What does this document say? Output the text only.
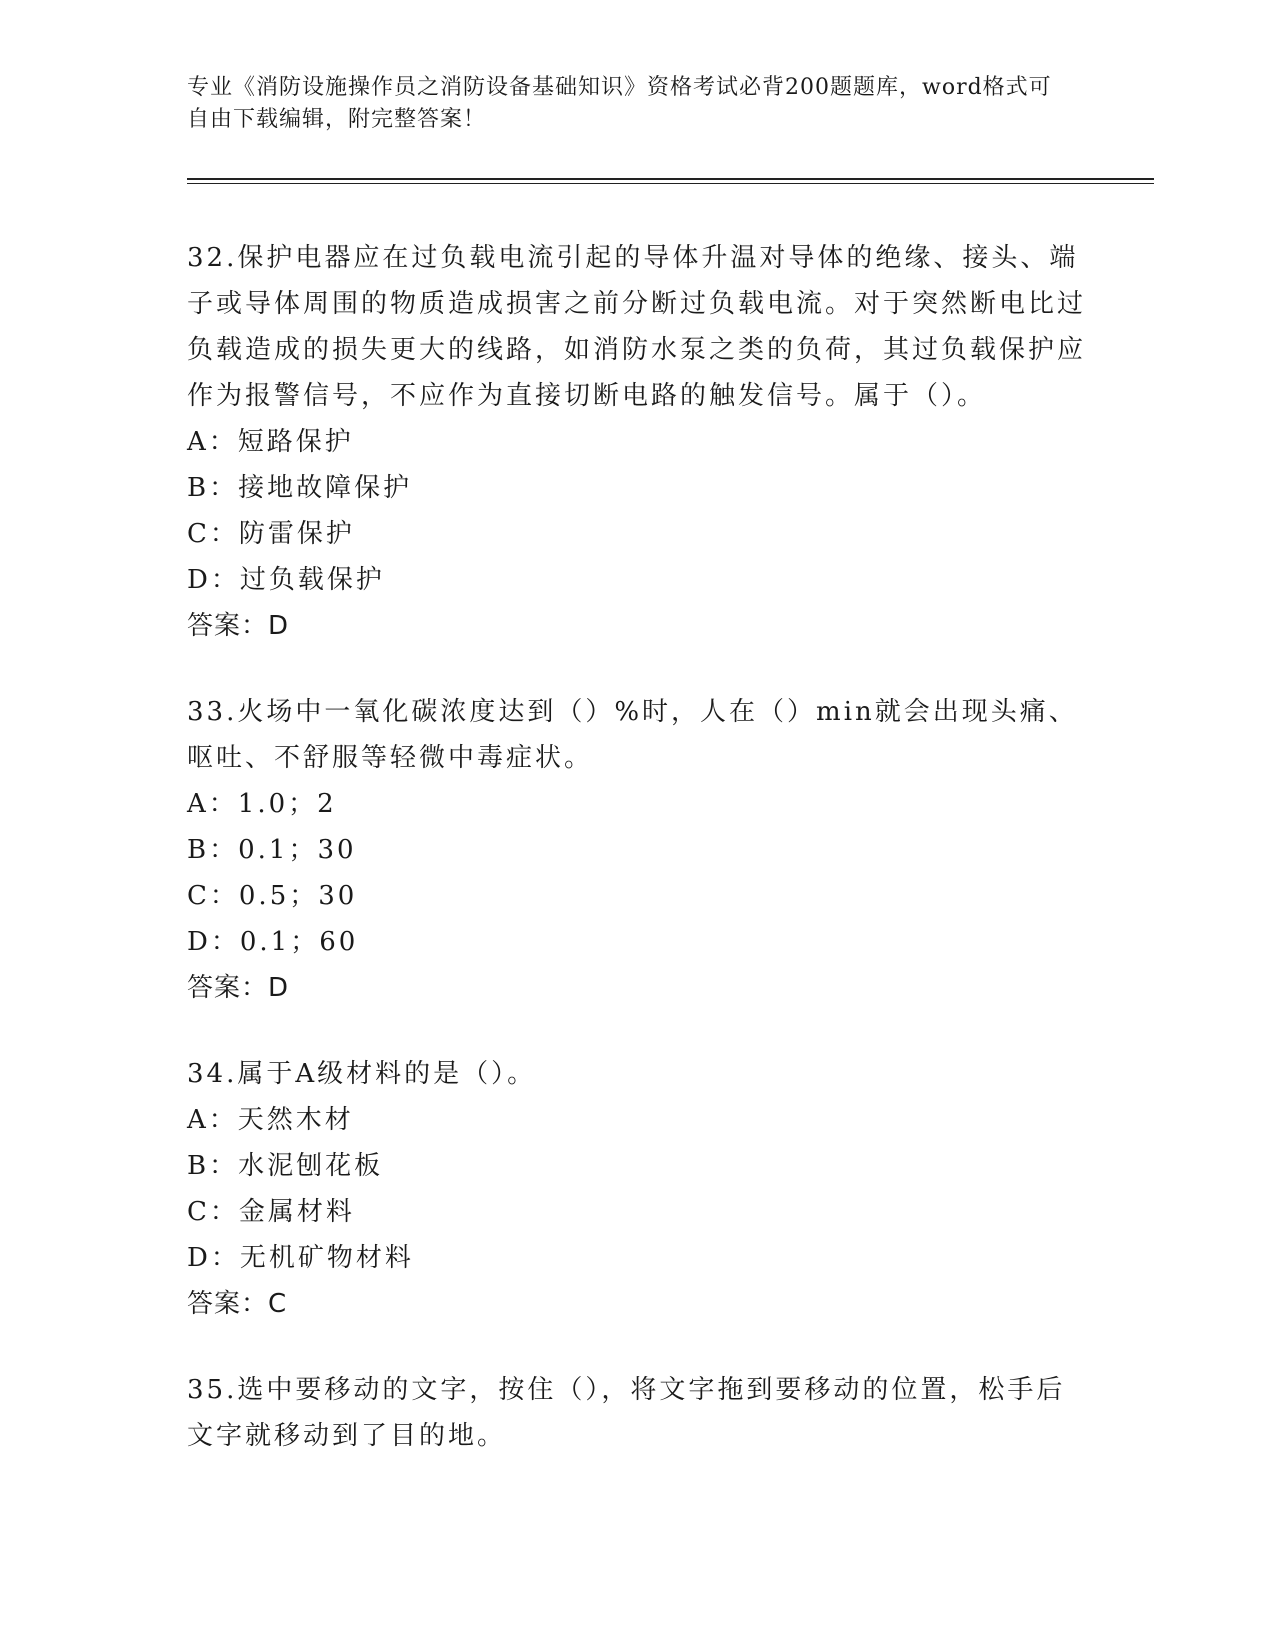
专业《消防设施操作员之消防设备基础知识》资格考试必背200题题库，word格式可自由下载编辑，附完整答案！

32.保护电器应在过负载电流引起的导体升温对导体的绝缘、接头、端子或导体周围的物质造成损害之前分断过负载电流。对于突然断电比过负载造成的损失更大的线路，如消防水泵之类的负荷，其过负载保护应作为报警信号，不应作为直接切断电路的触发信号。属于（）。

A：短路保护

B：接地故障保护

C：防雷保护

D：过负载保护

答案：D

33.火场中一氧化碳浓度达到（）%时，人在（）min就会出现头痛、呕吐、不舒服等轻微中毒症状。

A：1.0；2

B：0.1；30

C：0.5；30

D：0.1；60

答案：D

34.属于A级材料的是（）。

A：天然木材

B：水泥刨花板

C：金属材料

D：无机矿物材料

答案：C

35.选中要移动的文字，按住（），将文字拖到要移动的位置，松手后文字就移动到了目的地。
